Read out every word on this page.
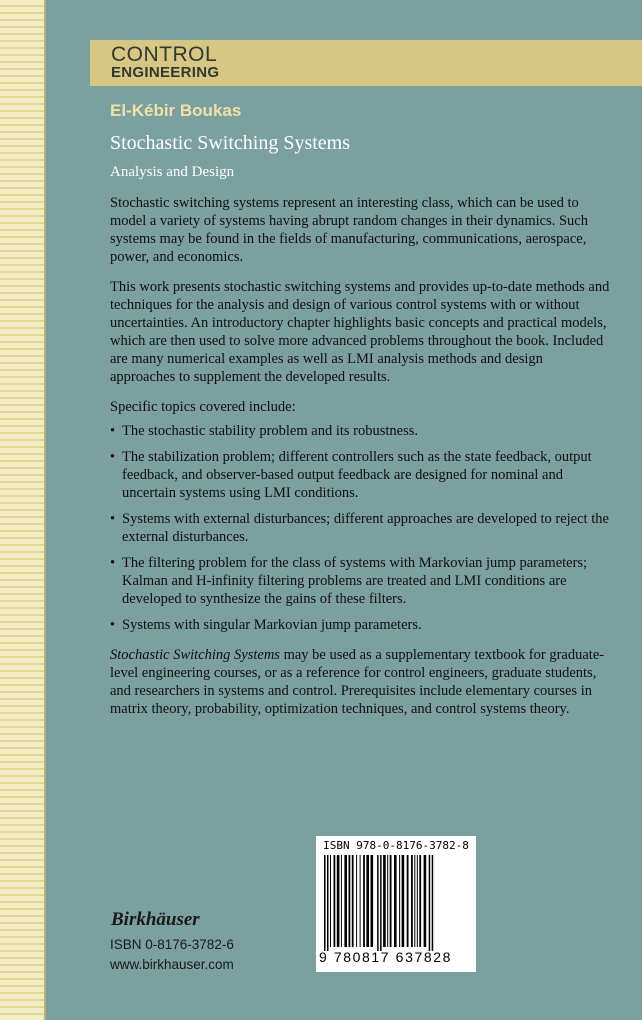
CONTROL
ENGINEERING
El-Kébir Boukas
Stochastic Switching Systems
Analysis and Design

Stochastic switching systems represent an interesting class, which can be used to model a variety of systems having abrupt random changes in their dynamics. Such systems may be found in the fields of manufacturing, communications, aerospace, power, and economics.

This work presents stochastic switching systems and provides up-to-date methods and techniques for the analysis and design of various control systems with or without uncertainties. An introductory chapter highlights basic concepts and practical models, which are then used to solve more advanced problems throughout the book. Included are many numerical examples as well as LMI analysis methods and design approaches to supplement the developed results.

Specific topics covered include:

• The stochastic stability problem and its robustness.
• The stabilization problem; different controllers such as the state feedback, output feedback, and observer-based output feedback are designed for nominal and uncertain systems using LMI conditions.
• Systems with external disturbances; different approaches are developed to reject the external disturbances.
• The filtering problem for the class of systems with Markovian jump parameters; Kalman and H-infinity filtering problems are treated and LMI conditions are developed to synthesize the gains of these filters.
• Systems with singular Markovian jump parameters.

Stochastic Switching Systems may be used as a supplementary textbook for graduate-level engineering courses, or as a reference for control engineers, graduate students, and researchers in systems and control. Prerequisites include elementary courses in matrix theory, probability, optimization techniques, and control systems theory.

ISBN 978-0-8176-3782-8
9 780817 637828
Birkhäuser
ISBN 0-8176-3782-6
www.birkhauser.com
